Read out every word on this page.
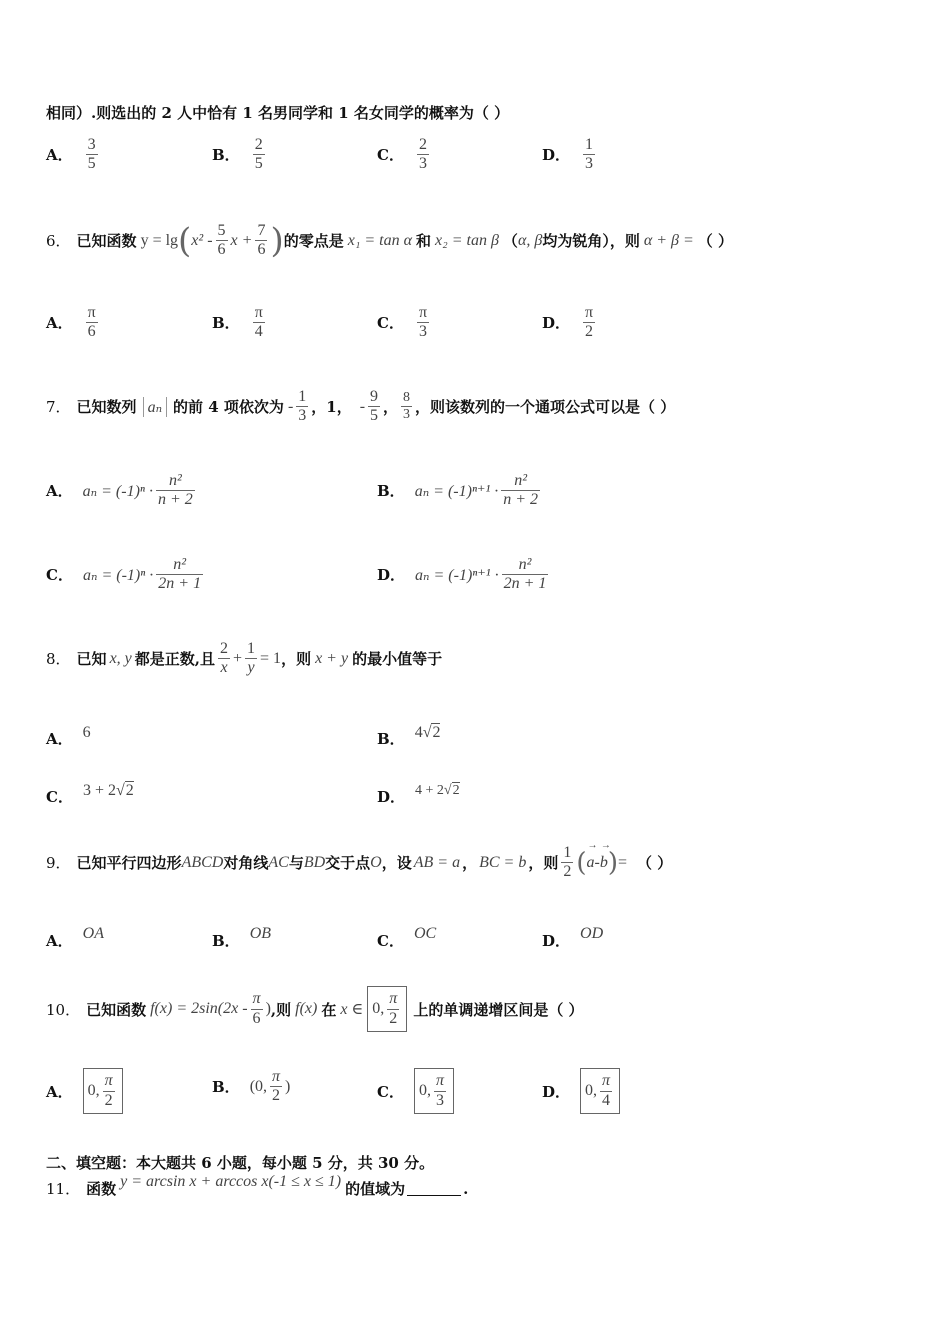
相同）.则选出的 2 人中恰有 1 名男同学和 1 名女同学的概率为（ ）
A． $\frac{3}{5}$	B． $\frac{2}{5}$	C． $\frac{2}{3}$	D． $\frac{1}{3}$
6． 已知函数 y = lg ( $x^2 - \frac{5}{6}$ $x + \frac{7}{6}$ ) 的零点是 x₁ = tan α 和 x₂ = tan β （ α, β 均为锐角），则 α + β = （ ）
A． $\frac{\pi}{6}$	B． $\frac{\pi}{4}$	C． $\frac{\pi}{3}$	D． $\frac{\pi}{2}$
7． 已知数列 aₙ 的前 4 项依次为 - $\frac{1}{3}$ ，1， - $\frac{9}{5}$ ， $\frac{8}{3}$ ，则该数列的一个通项公式可以是（ ）
A． $a_n = (-1)^n \cdot \frac{\text{n²}}{n + 2}$	B． $a_n = (-1)^{n+1} \cdot \frac{\text{n²}}{n + 2}$
C． $a_n = (-1)^n \cdot \frac{\text{n²}}{2n + 1}$	D． $a_n = (-1)^{n+1} \cdot \frac{\text{n²}}{2n + 1}$
8． 已知 x, y 都是正数,且 $\frac{2}{x} + \frac{1}{y} = 1$ ，则 x + y 的最小值等于
A． 6	B． 4√2
C． 3 + 2√2	D． 4 + 2√2
9． 已知平行四边形 ABCD 对角线 AC 与 BD 交于点 O ，设 AB = a ， BC = b ，则 $\frac{1}{2}$ ( → a - → b ) = （ ）
A． OA	B． OB	C． OC	D． OD
10． 已知函数 $f(x) = 2\sin(2x - \frac{\pi}{6}$ ) ,则 f(x) 在 x ∈ 0, $\frac{\pi}{2}$ 上的单调递增区间是（ ）
A． 0, $\frac{\pi}{2}$	B． (0, $\frac{\pi}{2}$ )	C． 0, $\frac{\pi}{3}$	D． 0, $\frac{\pi}{4}$
二、填空题：本大题共 6 小题，每小题 5 分，共 30 分。
11． 函数 y = arcsin x + arccos x(-1 ≤ x ≤ 1) 的值域为	.
